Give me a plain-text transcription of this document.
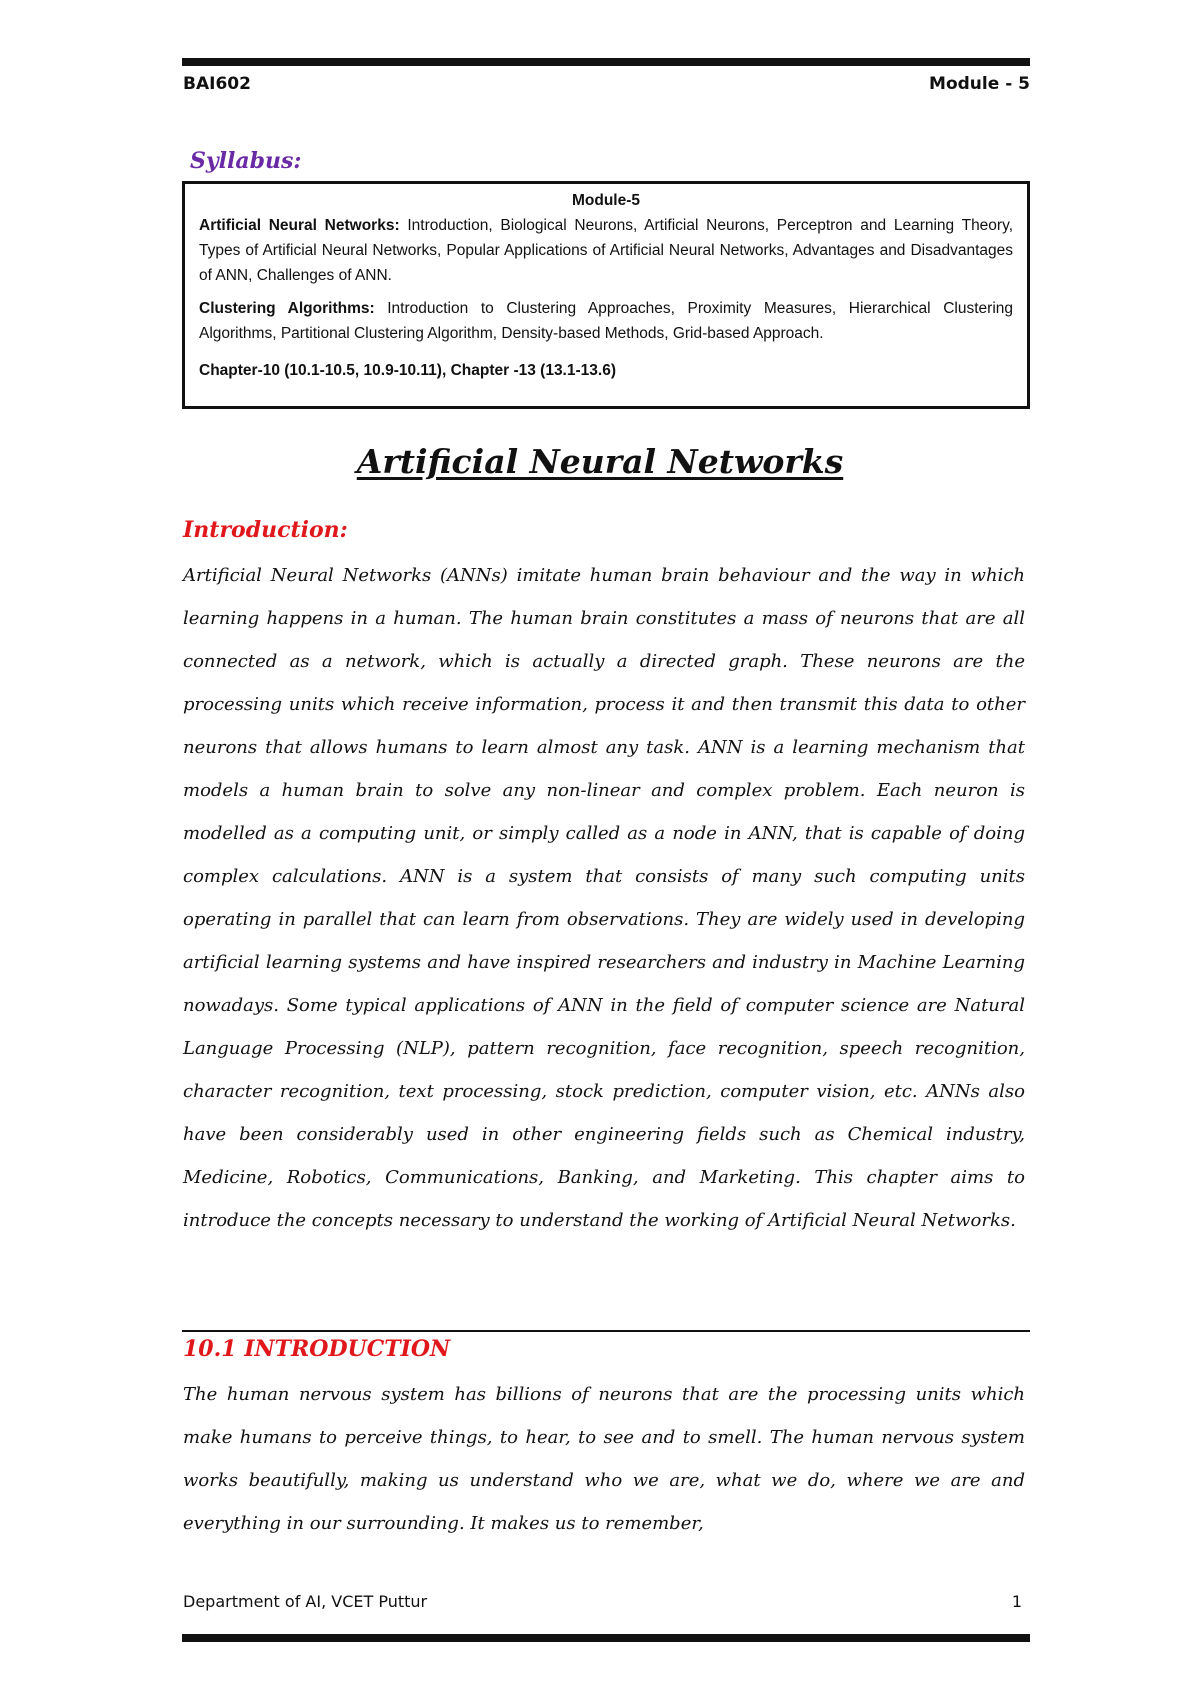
BAI602	Module - 5
Syllabus:
Module-5
Artificial Neural Networks: Introduction, Biological Neurons, Artificial Neurons, Perceptron and Learning Theory, Types of Artificial Neural Networks, Popular Applications of Artificial Neural Networks, Advantages and Disadvantages of ANN, Challenges of ANN.
Clustering Algorithms: Introduction to Clustering Approaches, Proximity Measures, Hierarchical Clustering Algorithms, Partitional Clustering Algorithm, Density-based Methods, Grid-based Approach.
Chapter-10 (10.1-10.5, 10.9-10.11), Chapter -13 (13.1-13.6)
Artificial Neural Networks
Introduction:
Artificial Neural Networks (ANNs) imitate human brain behaviour and the way in which learning happens in a human. The human brain constitutes a mass of neurons that are all connected as a network, which is actually a directed graph. These neurons are the processing units which receive information, process it and then transmit this data to other neurons that allows humans to learn almost any task. ANN is a learning mechanism that models a human brain to solve any non-linear and complex problem. Each neuron is modelled as a computing unit, or simply called as a node in ANN, that is capable of doing complex calculations. ANN is a system that consists of many such computing units operating in parallel that can learn from observations. They are widely used in developing artificial learning systems and have inspired researchers and industry in Machine Learning nowadays. Some typical applications of ANN in the field of computer science are Natural Language Processing (NLP), pattern recognition, face recognition, speech recognition, character recognition, text processing, stock prediction, computer vision, etc. ANNs also have been considerably used in other engineering fields such as Chemical industry, Medicine, Robotics, Communications, Banking, and Marketing. This chapter aims to introduce the concepts necessary to understand the working of Artificial Neural Networks.
10.1 INTRODUCTION
The human nervous system has billions of neurons that are the processing units which make humans to perceive things, to hear, to see and to smell. The human nervous system works beautifully, making us understand who we are, what we do, where we are and everything in our surrounding. It makes us to remember,
Department of AI, VCET Puttur	1
